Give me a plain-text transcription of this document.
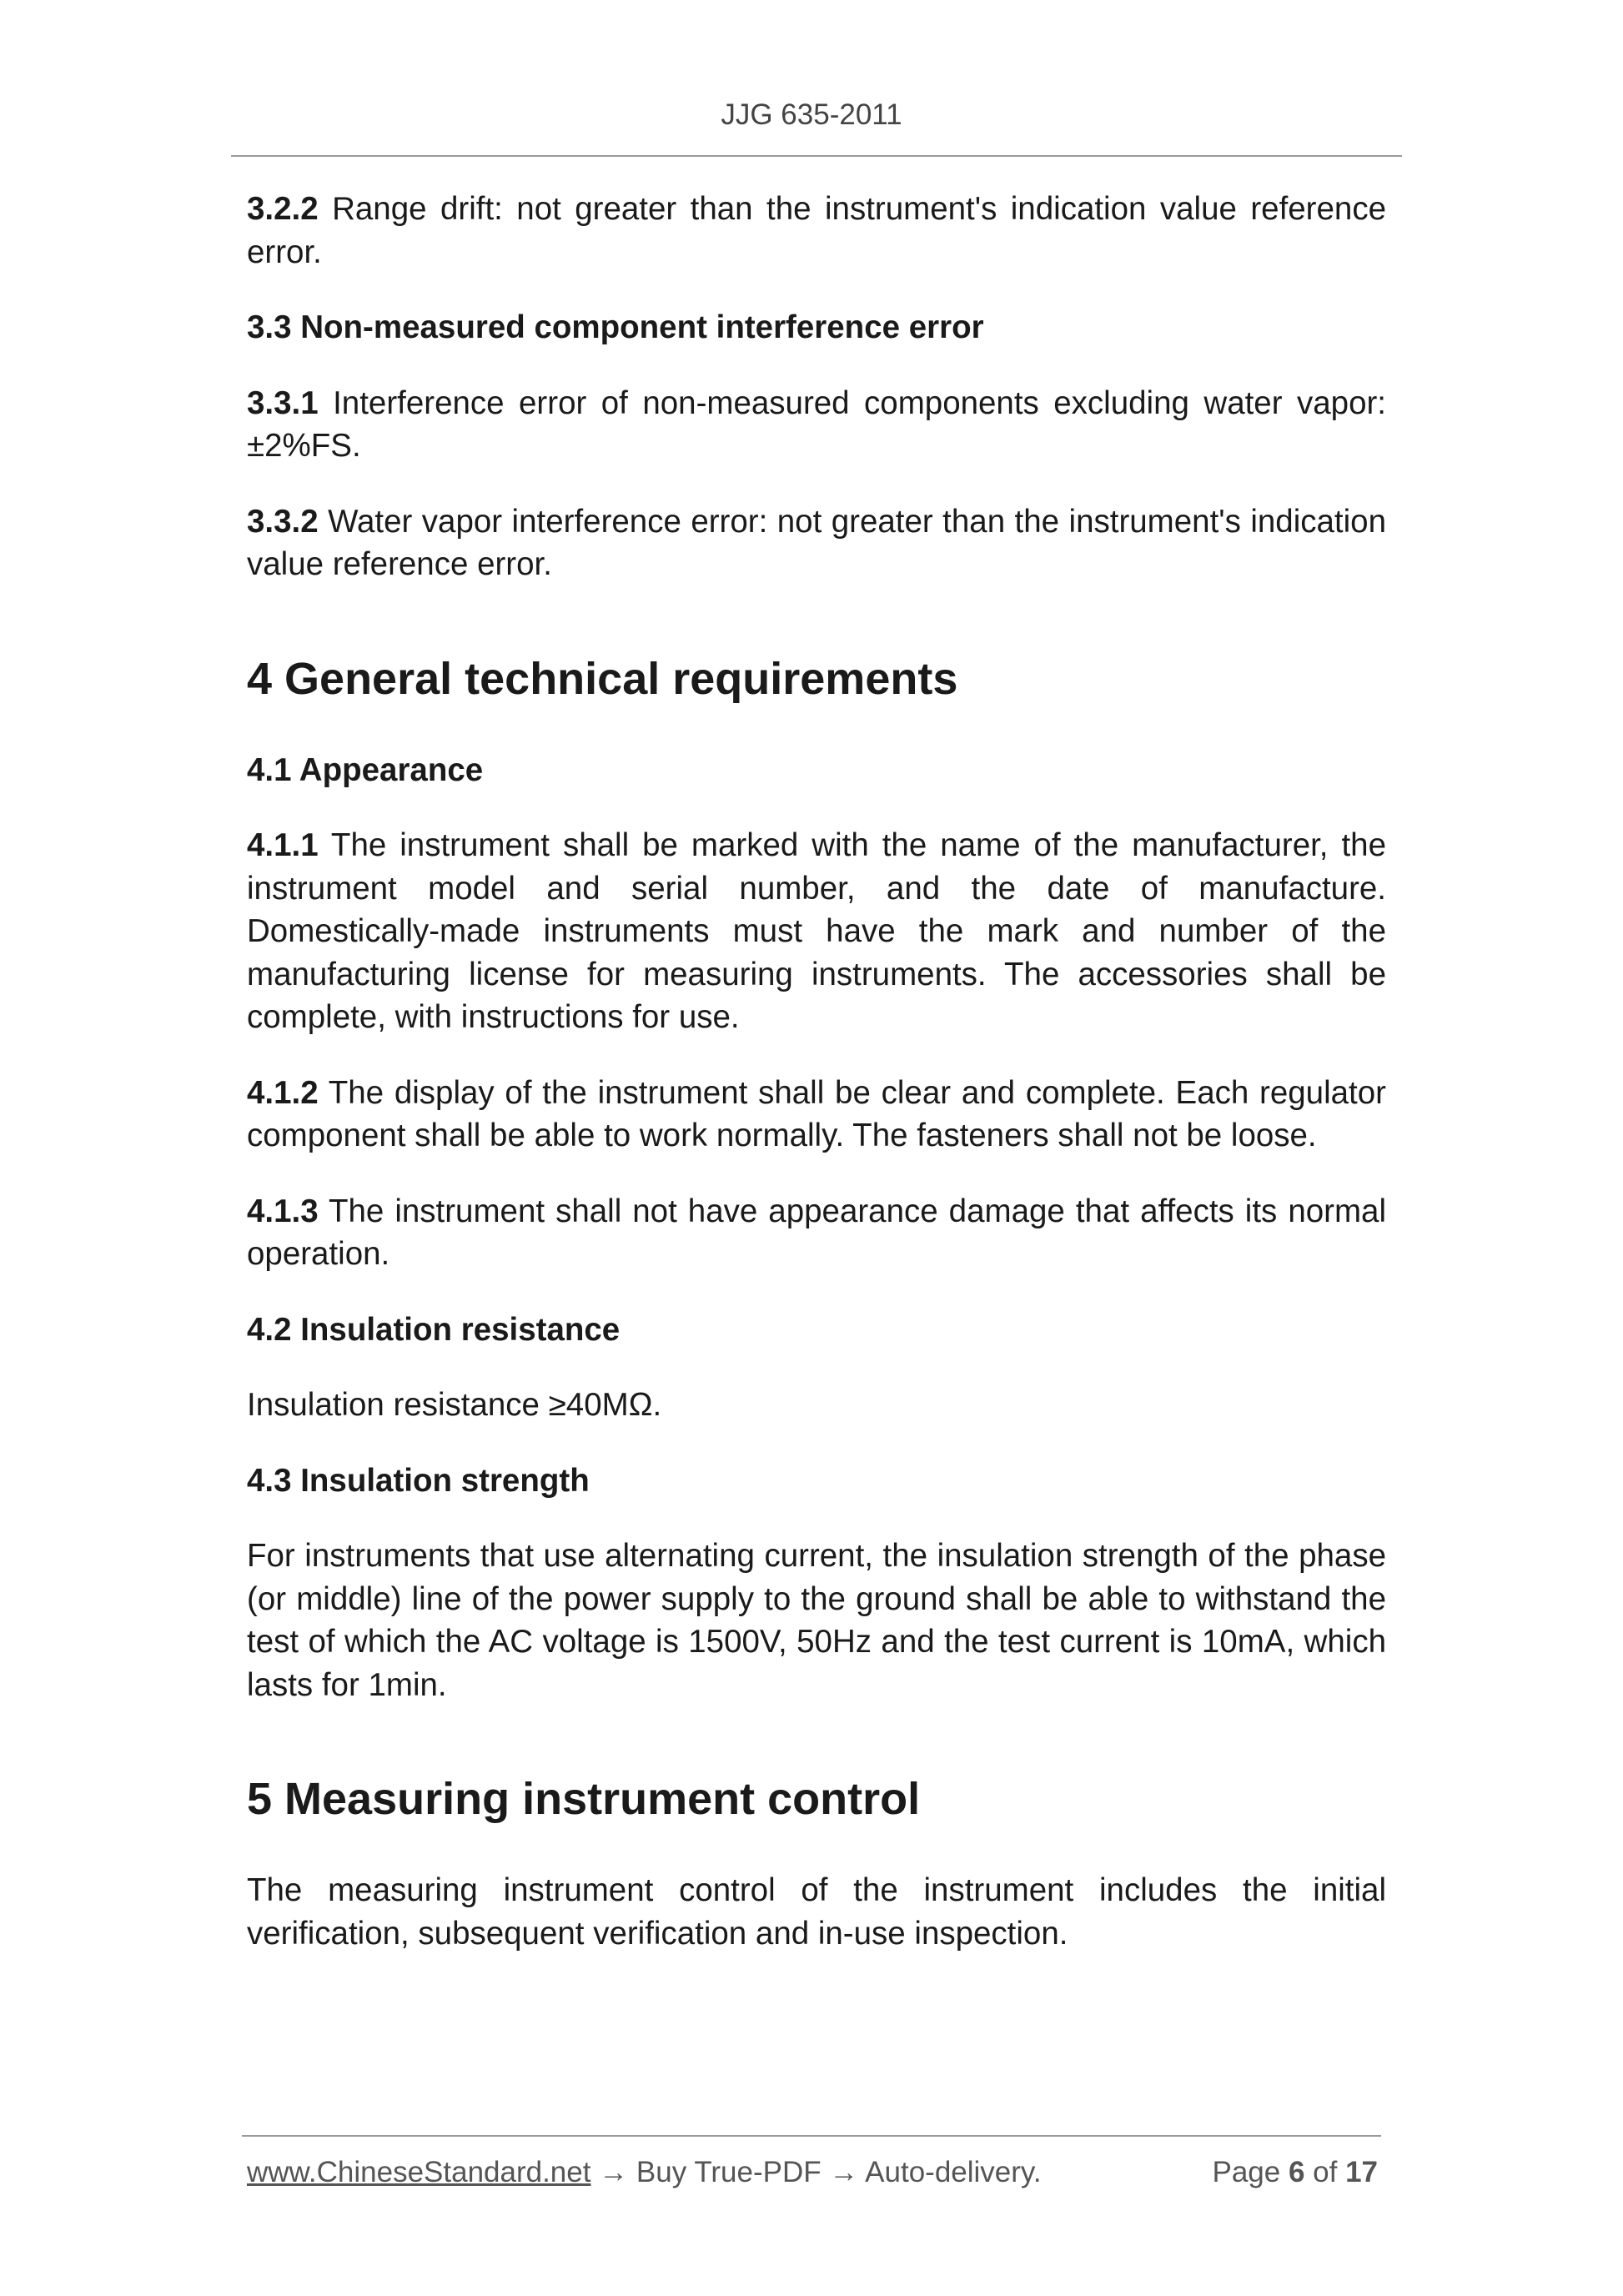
JJG 635-2011

3.2.2 Range drift: not greater than the instrument's indication value reference error.

3.3 Non-measured component interference error

3.3.1 Interference error of non-measured components excluding water vapor: ±2%FS.

3.3.2 Water vapor interference error: not greater than the instrument's indication value reference error.

4 General technical requirements
4.1 Appearance

4.1.1 The instrument shall be marked with the name of the manufacturer, the instrument model and serial number, and the date of manufacture. Domestically-made instruments must have the mark and number of the manufacturing license for measuring instruments. The accessories shall be complete, with instructions for use.

4.1.2 The display of the instrument shall be clear and complete. Each regulator component shall be able to work normally. The fasteners shall not be loose.

4.1.3 The instrument shall not have appearance damage that affects its normal operation.

4.2 Insulation resistance

Insulation resistance ≥40MΩ.

4.3 Insulation strength

For instruments that use alternating current, the insulation strength of the phase (or middle) line of the power supply to the ground shall be able to withstand the test of which the AC voltage is 1500V, 50Hz and the test current is 10mA, which lasts for 1min.

5 Measuring instrument control

The measuring instrument control of the instrument includes the initial verification, subsequent verification and in-use inspection.

www.ChineseStandard.net → Buy True-PDF → Auto-delivery.	Page 6 of 17
